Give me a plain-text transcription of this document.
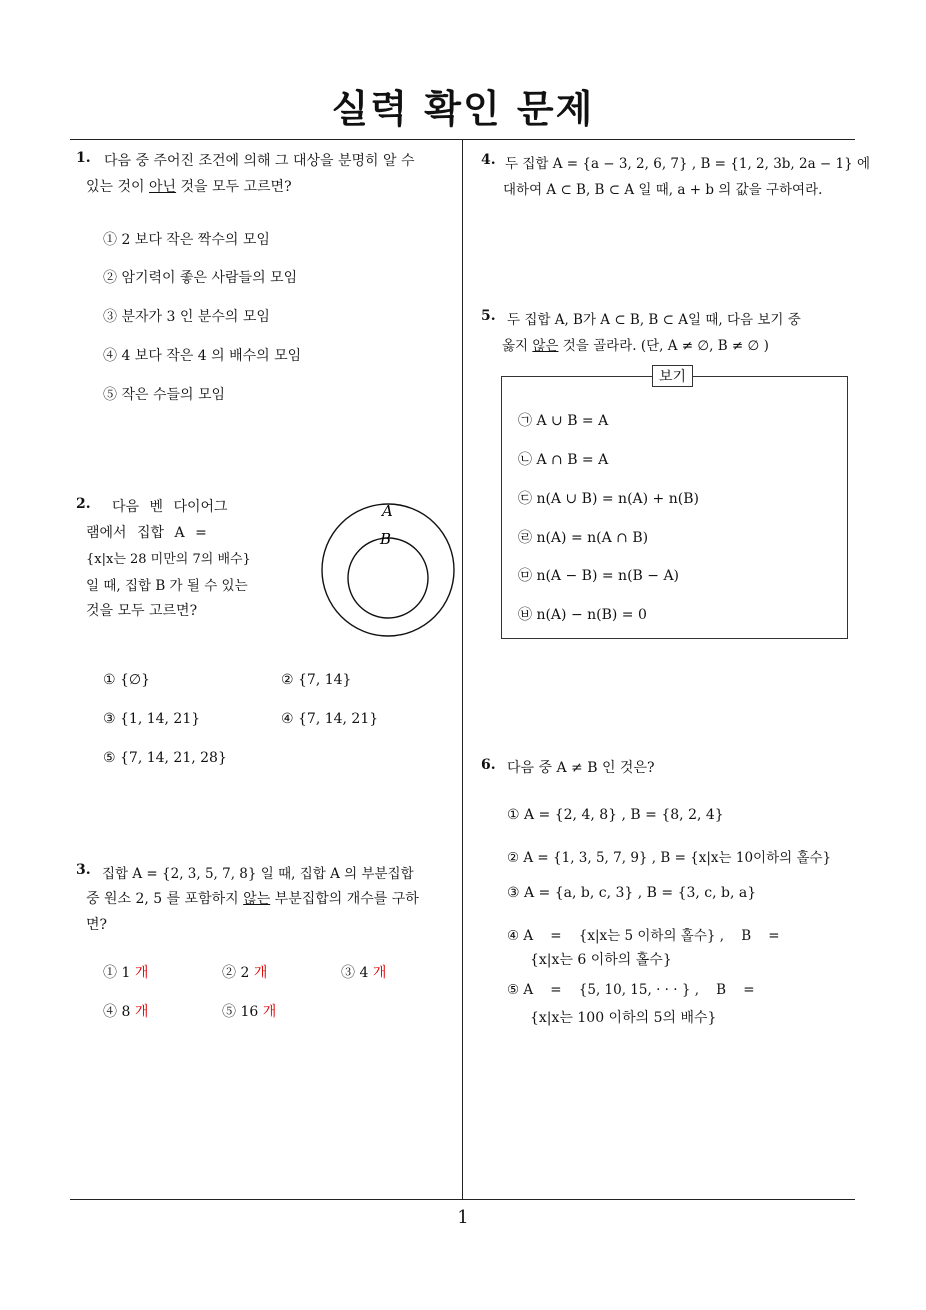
실력 확인 문제
1. 다음 중 주어진 조건에 의해 그 대상을 분명히 알 수
있는 것이 아닌 것을 모두 고르면?
① 2 보다 작은 짝수의 모임
② 암기력이 좋은 사람들의 모임
③ 분자가 3 인 분수의 모임
④ 4 보다 작은 4 의 배수의 모임
⑤ 작은 수들의 모임
2. 다음 벤 다이어그
램에서 집합 A =
{x|x는 28 미만의 7의 배수}
일 때, 집합 B 가 될 수 있는
것을 모두 고르면?
A
B
① {∅}	② {7, 14}
③ {1, 14, 21}	④ {7, 14, 21}
⑤ {7, 14, 21, 28}
3. 집합 A = {2, 3, 5, 7, 8} 일 때, 집합 A 의 부분집합
중 원소 2, 5 를 포함하지 않는 부분집합의 개수를 구하
면?
① 1 개	② 2 개	③ 4 개
④ 8 개	⑤ 16 개
4. 두 집합 A = {a − 3, 2, 6, 7} , B = {1, 2, 3b, 2a − 1} 에
대하여 A ⊂ B, B ⊂ A 일 때, a + b 의 값을 구하여라.
5. 두 집합 A, B가 A ⊂ B, B ⊂ A일 때, 다음 보기 중
옳지 않은 것을 골라라. (단, A ≠ ∅, B ≠ ∅ )
보기
㉠ A ∪ B = A
㉡ A ∩ B = A
㉢ n(A ∪ B) = n(A) + n(B)
㉣ n(A) = n(A ∩ B)
㉤ n(A − B) = n(B − A)
㉥ n(A) − n(B) = 0
6. 다음 중 A ≠ B 인 것은?
① A = {2, 4, 8} , B = {8, 2, 4}
② A = {1, 3, 5, 7, 9} , B = {x|x는 10이하의 홀수}
③ A = {a, b, c, 3} , B = {3, c, b, a}
④ A    =    {x|x는 5 이하의 홀수} ,    B    =
{x|x는 6 이하의 홀수}
⑤ A    =    {5, 10, 15, · · · } ,    B    =
{x|x는 100 이하의 5의 배수}
1
